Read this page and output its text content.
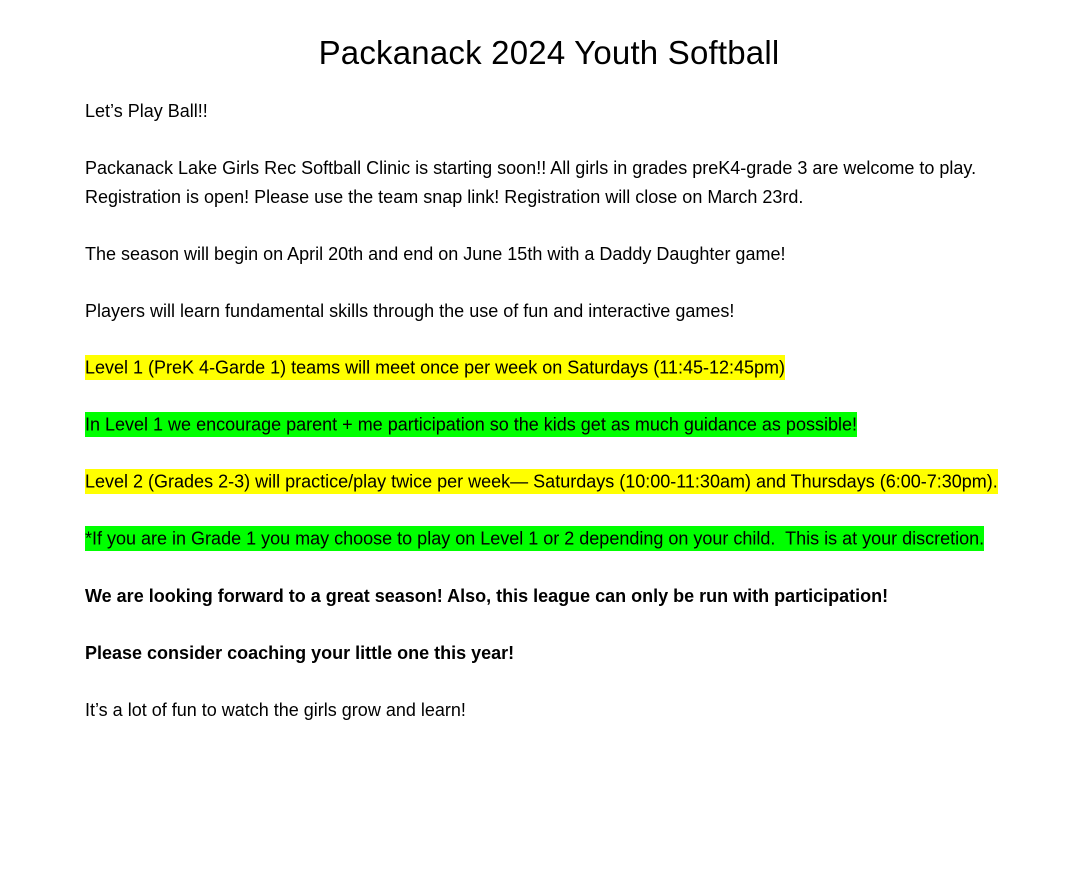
Packanack 2024 Youth Softball

Let’s Play Ball!!

Packanack Lake Girls Rec Softball Clinic is starting soon!! All girls in grades preK4-grade 3 are welcome to play.  Registration is open! Please use the team snap link! Registration will close on March 23rd.

The season will begin on April 20th and end on June 15th with a Daddy Daughter game!

Players will learn fundamental skills through the use of fun and interactive games!

Level 1 (PreK 4-Garde 1) teams will meet once per week on Saturdays (11:45-12:45pm)

In Level 1 we encourage parent + me participation so the kids get as much guidance as possible!

Level 2 (Grades 2-3) will practice/play twice per week— Saturdays (10:00-11:30am) and Thursdays (6:00-7:30pm).

*If you are in Grade 1 you may choose to play on Level 1 or 2 depending on your child.  This is at your discretion.

We are looking forward to a great season! Also, this league can only be run with participation!

Please consider coaching your little one this year!

It’s a lot of fun to watch the girls grow and learn!
